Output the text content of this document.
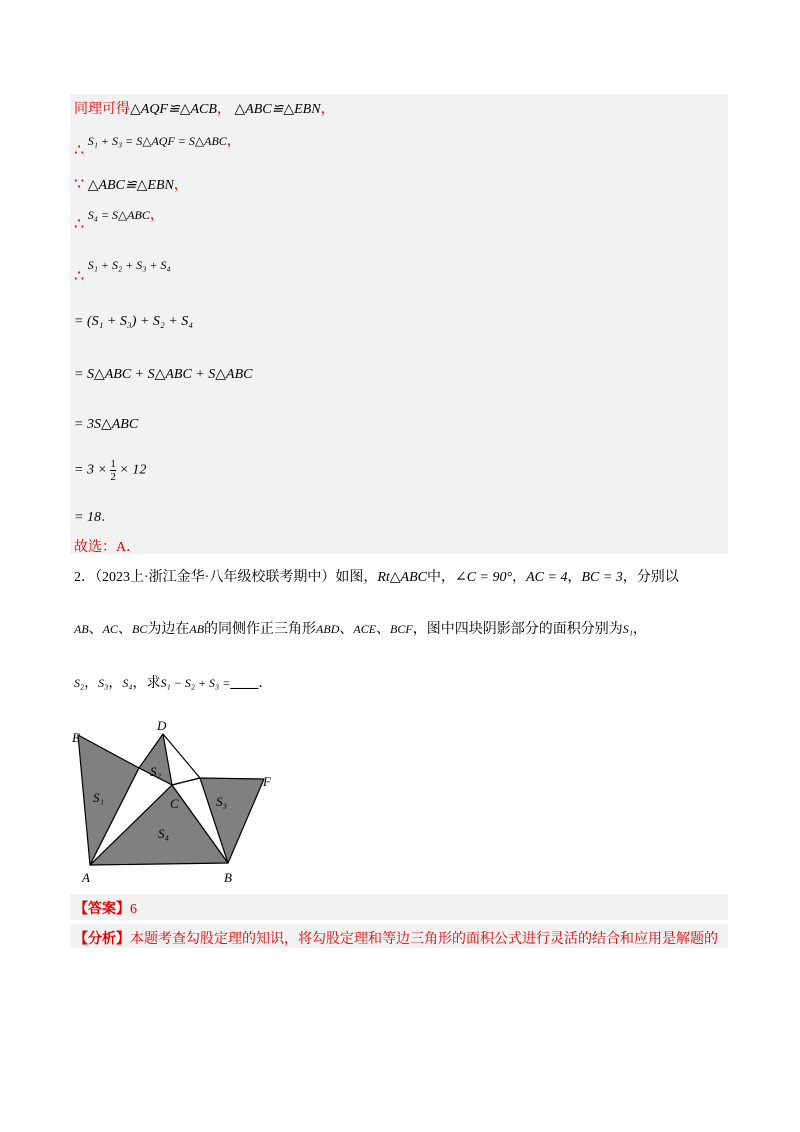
同理可得△AQF≌△ACB， △ABC≌△EBN，
∴ S₁ + S₃ = S△AQF = S△ABC，
∵ △ABC≌△EBN，
∴ S₄ = S△ABC，
∴ S₁ + S₂ + S₃ + S₄
= (S₁ + S₃) + S₂ + S₄
= S△ABC + S△ABC + S△ABC
= 3S△ABC
= $3 \times \frac{1}{2} \times 12$
= 18．
故选：A．
2．（2023上·浙江金华·八年级校联考期中）如图，Rt△ABC中，∠C = 90°，AC = 4，BC = 3，分别以
AB、AC、BC为边在AB的同侧作正三角形ABD、ACE、BCF，图中四块阴影部分的面积分别为S₁，
S₂，S₃，S₄，求S₁ − S₂ + S₃ =____．
E
D
F
C
A	B
S₁
S₂
S₃
S₄
【答案】6
【分析】本题考查勾股定理的知识，将勾股定理和等边三角形的面积公式进行灵活的结合和应用是解题的
